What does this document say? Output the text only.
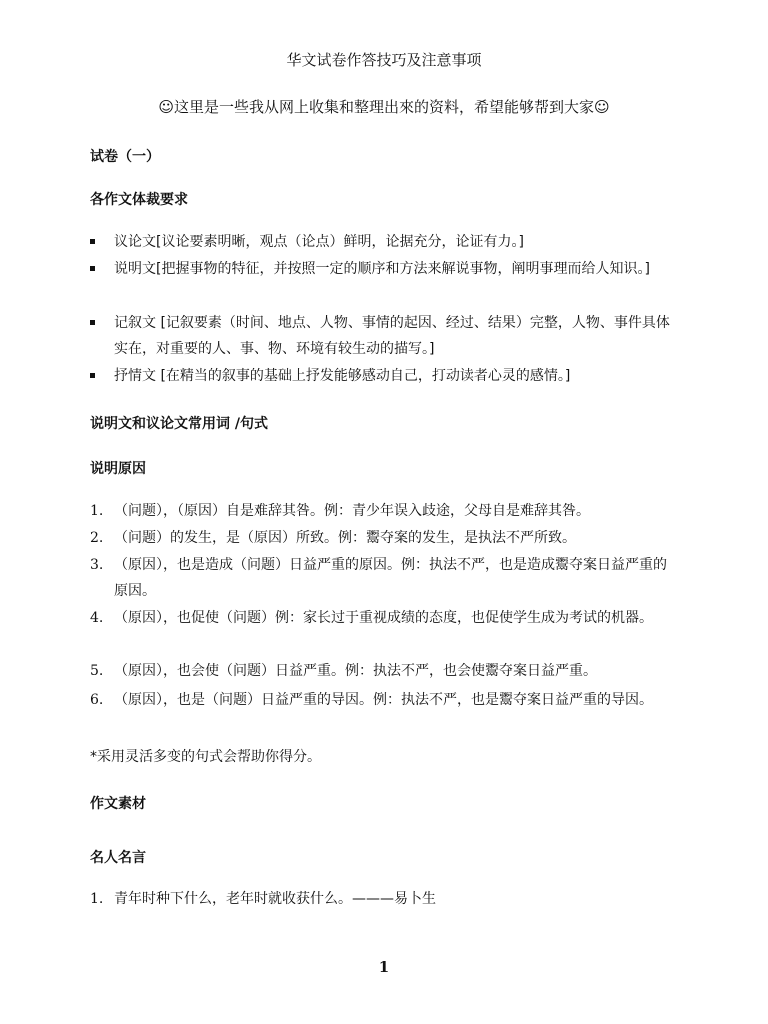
华文试卷作答技巧及注意事项
☺这里是一些我从网上收集和整理出來的资料，希望能够帮到大家☺
试卷（一）
各作文体裁要求
议论文[议论要素明晰，观点（论点）鲜明，论据充分，论证有力。]
说明文[把握事物的特征，并按照一定的顺序和方法来解说事物，阐明事理而给人知识。]
记叙文 [记叙要素（时间、地点、人物、事情的起因、经过、结果）完整，人物、事件具体实在，对重要的人、事、物、环境有较生动的描写。]
抒情文 [在精当的叙事的基础上抒发能够感动自己，打动读者心灵的感情。]
说明文和议论文常用词 /句式
说明原因
1. （问题），（原因）自是难辞其咎。例：青少年误入歧途，父母自是难辞其咎。
2. （问题）的发生，是（原因）所致。例：鬻夺案的发生，是执法不严所致。
3. （原因），也是造成（问题）日益严重的原因。例：执法不严，也是造成鬻夺案日益严重的原因。
4. （原因），也促使（问题）例：家长过于重视成绩的态度，也促使学生成为考试的机器。
5. （原因），也会使（问题）日益严重。例：执法不严，也会使鬻夺案日益严重。
6. （原因），也是（问题）日益严重的导因。例：执法不严，也是鬻夺案日益严重的导因。
*采用灵活多变的句式会帮助你得分。
作文素材
名人名言
1. 青年时种下什么，老年时就收获什么。———易卜生
1
